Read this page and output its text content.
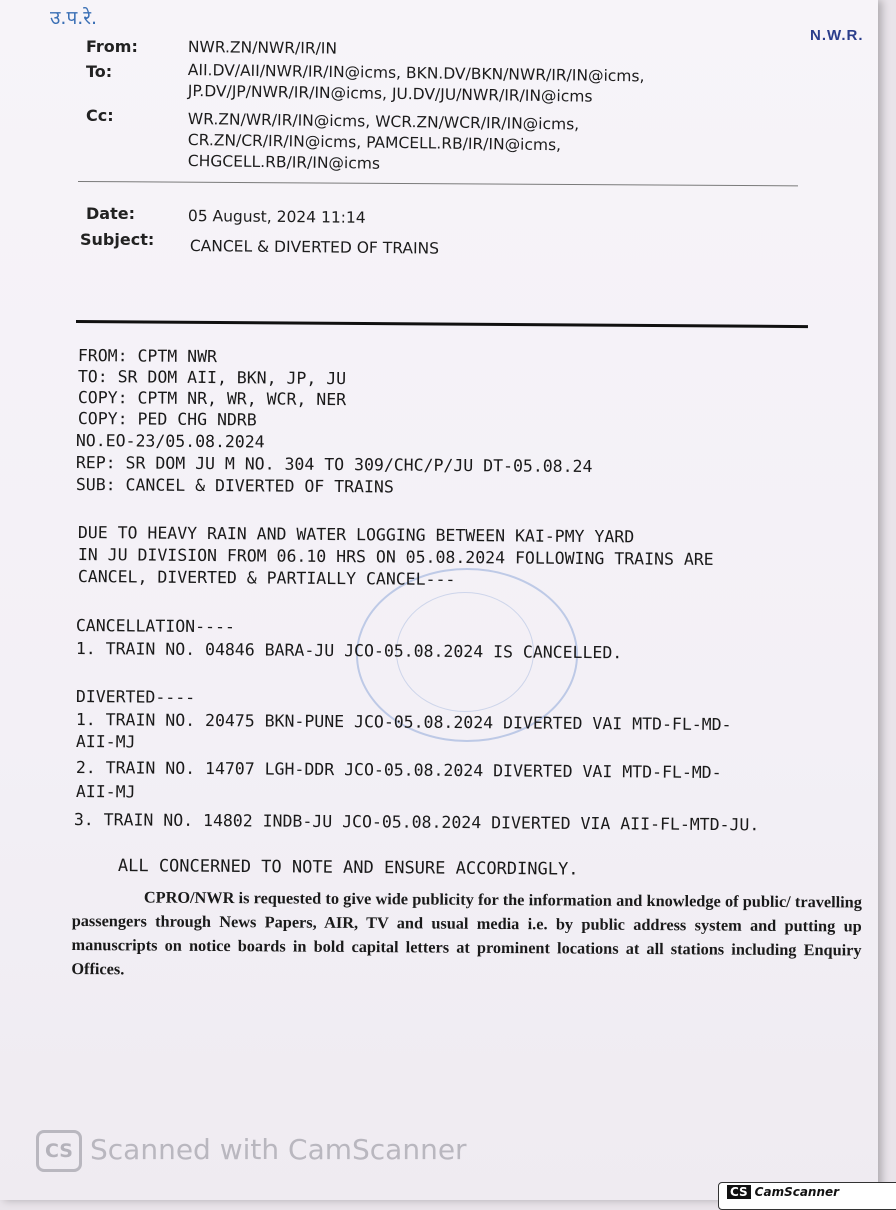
उ.प.रे.
N.W.R.
From:	NWR.ZN/NWR/IR/IN
To:	AII.DV/AII/NWR/IR/IN@icms, BKN.DV/BKN/NWR/IR/IN@icms,
JP.DV/JP/NWR/IR/IN@icms, JU.DV/JU/NWR/IR/IN@icms
Cc:	WR.ZN/WR/IR/IN@icms, WCR.ZN/WCR/IR/IN@icms,
CR.ZN/CR/IR/IN@icms, PAMCELL.RB/IR/IN@icms,
CHGCELL.RB/IR/IN@icms
Date:	05 August, 2024 11:14
Subject: CANCEL & DIVERTED OF TRAINS
FROM: CPTM NWR
TO: SR DOM AII, BKN, JP, JU
COPY: CPTM NR, WR, WCR, NER
COPY: PED CHG NDRB
NO.EO-23/05.08.2024
REP: SR DOM JU M NO. 304 TO 309/CHC/P/JU DT-05.08.24
SUB: CANCEL & DIVERTED OF TRAINS
DUE TO HEAVY RAIN AND WATER LOGGING BETWEEN KAI-PMY YARD
IN JU DIVISION FROM 06.10 HRS ON 05.08.2024 FOLLOWING TRAINS ARE
CANCEL, DIVERTED & PARTIALLY CANCEL---
CANCELLATION----
1. TRAIN NO. 04846 BARA-JU JCO-05.08.2024 IS CANCELLED.
DIVERTED----
1. TRAIN NO. 20475 BKN-PUNE JCO-05.08.2024 DIVERTED VAI MTD-FL-MD-
AII-MJ
2. TRAIN NO. 14707 LGH-DDR JCO-05.08.2024 DIVERTED VAI MTD-FL-MD-
AII-MJ
3. TRAIN NO. 14802 INDB-JU JCO-05.08.2024 DIVERTED VIA AII-FL-MTD-JU.
ALL CONCERNED TO NOTE AND ENSURE ACCORDINGLY.
CPRO/NWR is requested to give wide publicity for the information and knowledge of public/ travelling passengers through News Papers, AIR, TV and usual media i.e. by public address system and putting up manuscripts on notice boards in bold capital letters at prominent locations at all stations including Enquiry Offices.
CS Scanned with CamScanner
CS CamScanner
